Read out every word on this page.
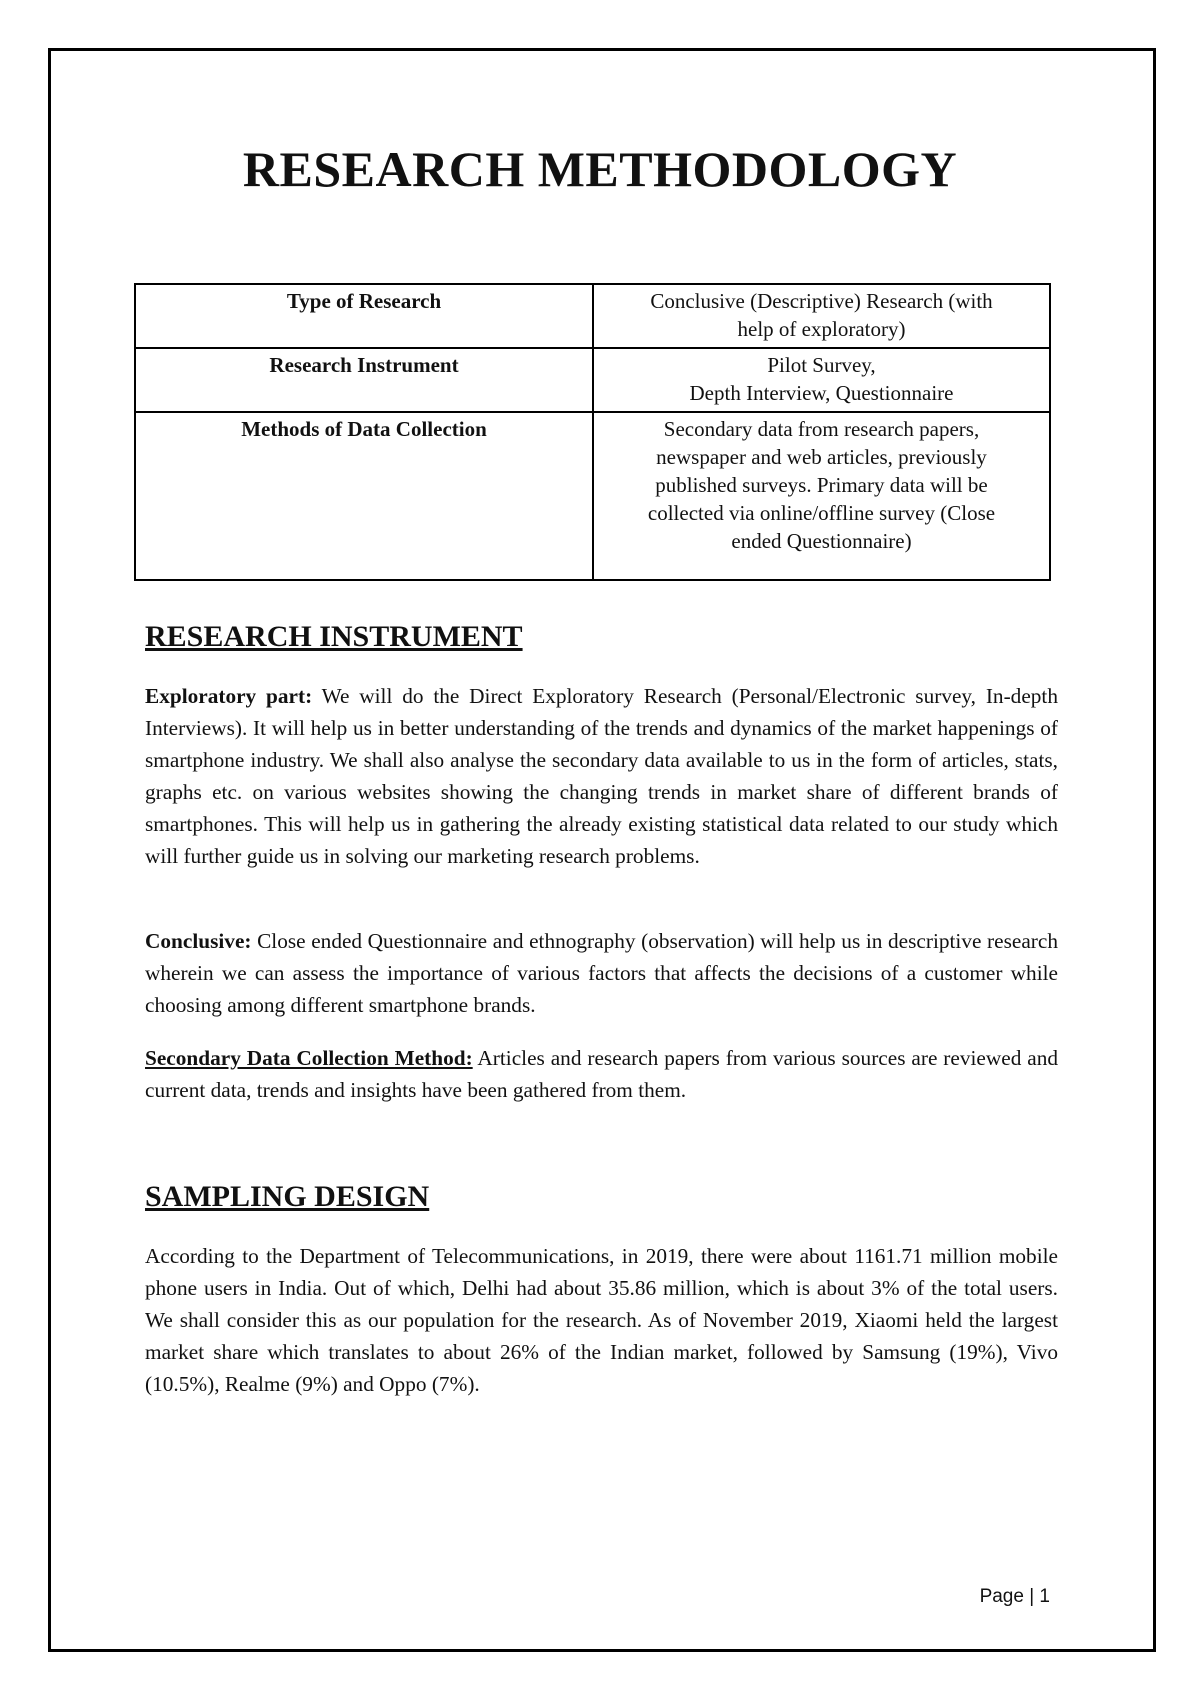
RESEARCH METHODOLOGY
Type of Research	Conclusive (Descriptive) Research (with
help of exploratory)
Research Instrument	Pilot Survey,
Depth Interview, Questionnaire
Methods of Data Collection	Secondary data from research papers,
newspaper and web articles, previously
published surveys. Primary data will be
collected via online/offline survey (Close
ended Questionnaire)
RESEARCH INSTRUMENT

Exploratory part: We will do the Direct Exploratory Research (Personal/Electronic survey, In-depth Interviews). It will help us in better understanding of the trends and dynamics of the market happenings of smartphone industry. We shall also analyse the secondary data available to us in the form of articles, stats, graphs etc. on various websites showing the changing trends in market share of different brands of smartphones. This will help us in gathering the already existing statistical data related to our study which will further guide us in solving our marketing research problems.

Conclusive: Close ended Questionnaire and ethnography (observation) will help us in descriptive research wherein we can assess the importance of various factors that affects the decisions of a customer while choosing among different smartphone brands.

Secondary Data Collection Method: Articles and research papers from various sources are reviewed and current data, trends and insights have been gathered from them.

SAMPLING DESIGN

According to the Department of Telecommunications, in 2019, there were about 1161.71 million mobile phone users in India. Out of which, Delhi had about 35.86 million, which is about 3% of the total users. We shall consider this as our population for the research. As of November 2019, Xiaomi held the largest market share which translates to about 26% of the Indian market, followed by Samsung (19%), Vivo (10.5%), Realme (9%) and Oppo (7%).

Page | 1
